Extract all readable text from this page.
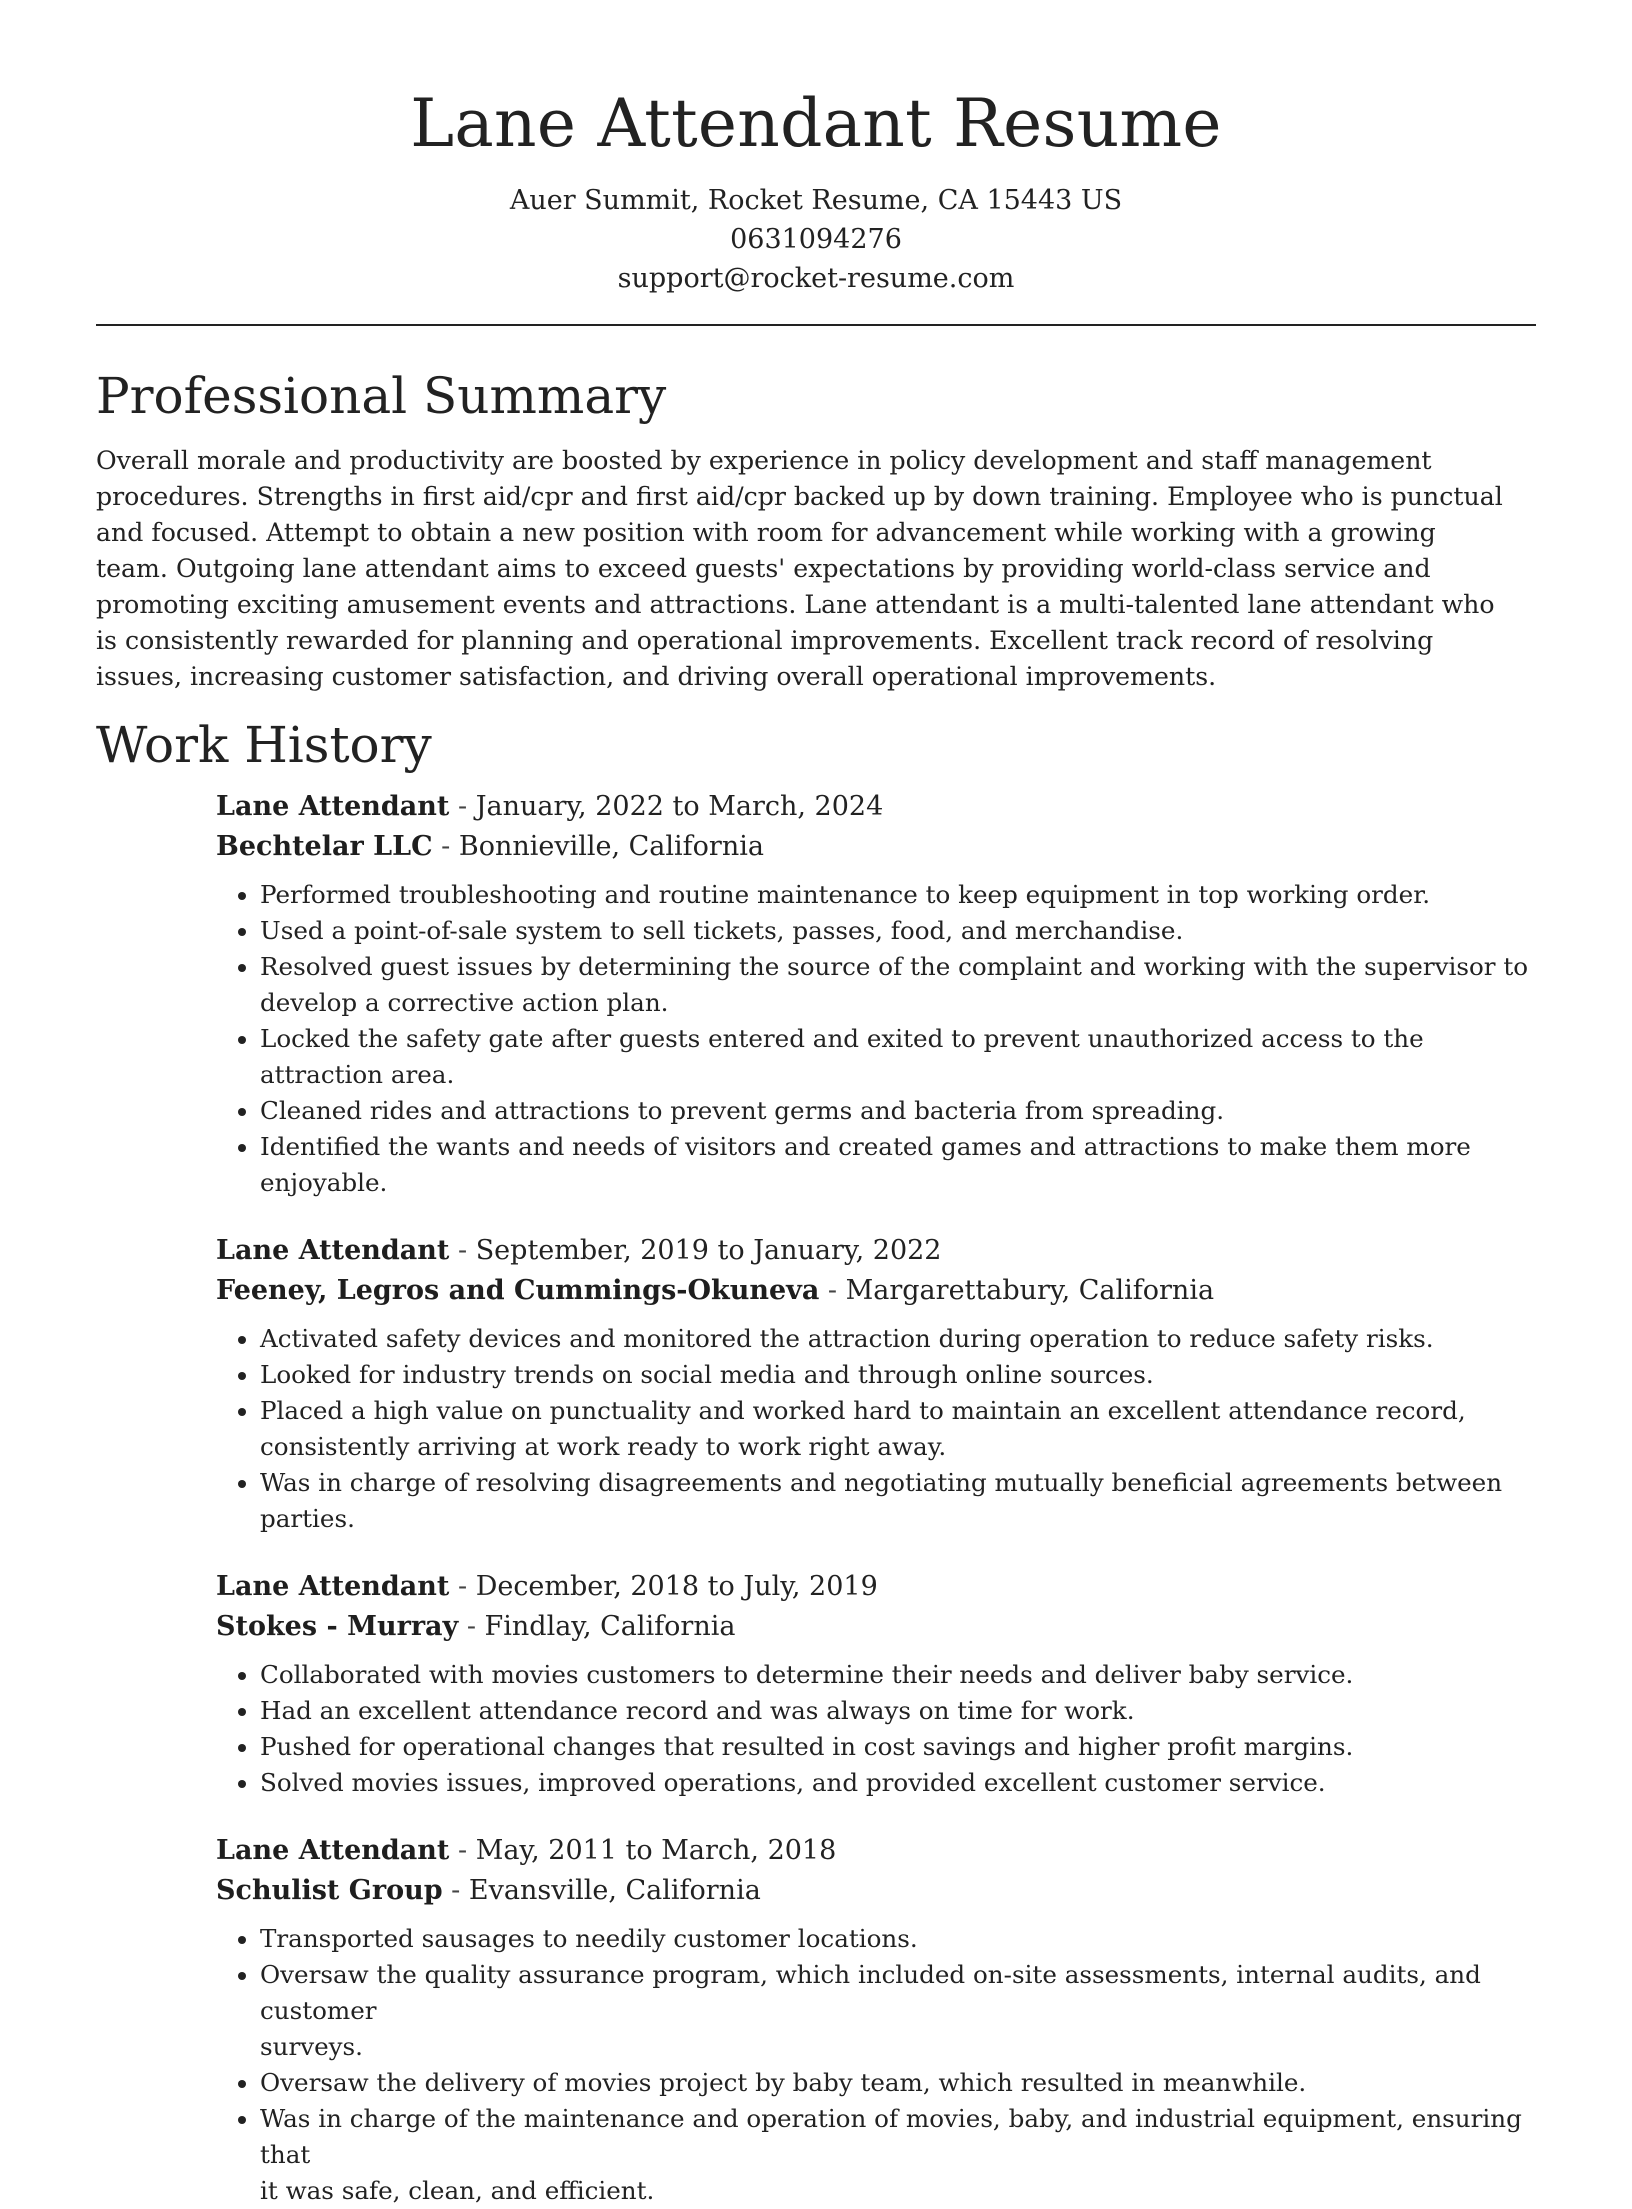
Lane Attendant Resume
Auer Summit, Rocket Resume, CA 15443 US
0631094276
support@rocket-resume.com
Professional Summary

Overall morale and productivity are boosted by experience in policy development and staff management
procedures. Strengths in first aid/cpr and first aid/cpr backed up by down training. Employee who is punctual
and focused. Attempt to obtain a new position with room for advancement while working with a growing
team. Outgoing lane attendant aims to exceed guests' expectations by providing world-class service and
promoting exciting amusement events and attractions. Lane attendant is a multi-talented lane attendant who
is consistently rewarded for planning and operational improvements. Excellent track record of resolving
issues, increasing customer satisfaction, and driving overall operational improvements.

Work History
Lane Attendant - January, 2022 to March, 2024
Bechtelar LLC - Bonnieville, California
• Performed troubleshooting and routine maintenance to keep equipment in top working order.
• Used a point-of-sale system to sell tickets, passes, food, and merchandise.
• Resolved guest issues by determining the source of the complaint and working with the supervisor to
develop a corrective action plan.
• Locked the safety gate after guests entered and exited to prevent unauthorized access to the attraction area.
• Cleaned rides and attractions to prevent germs and bacteria from spreading.
• Identified the wants and needs of visitors and created games and attractions to make them more enjoyable.
Lane Attendant - September, 2019 to January, 2022
Feeney, Legros and Cummings-Okuneva - Margarettabury, California
• Activated safety devices and monitored the attraction during operation to reduce safety risks.
• Looked for industry trends on social media and through online sources.
• Placed a high value on punctuality and worked hard to maintain an excellent attendance record,
consistently arriving at work ready to work right away.
• Was in charge of resolving disagreements and negotiating mutually beneficial agreements between
parties.
Lane Attendant - December, 2018 to July, 2019
Stokes - Murray - Findlay, California
• Collaborated with movies customers to determine their needs and deliver baby service.
• Had an excellent attendance record and was always on time for work.
• Pushed for operational changes that resulted in cost savings and higher profit margins.
• Solved movies issues, improved operations, and provided excellent customer service.
Lane Attendant - May, 2011 to March, 2018
Schulist Group - Evansville, California
• Transported sausages to needily customer locations.
• Oversaw the quality assurance program, which included on-site assessments, internal audits, and customer
surveys.
• Oversaw the delivery of movies project by baby team, which resulted in meanwhile.
• Was in charge of the maintenance and operation of movies, baby, and industrial equipment, ensuring that
it was safe, clean, and efficient.
